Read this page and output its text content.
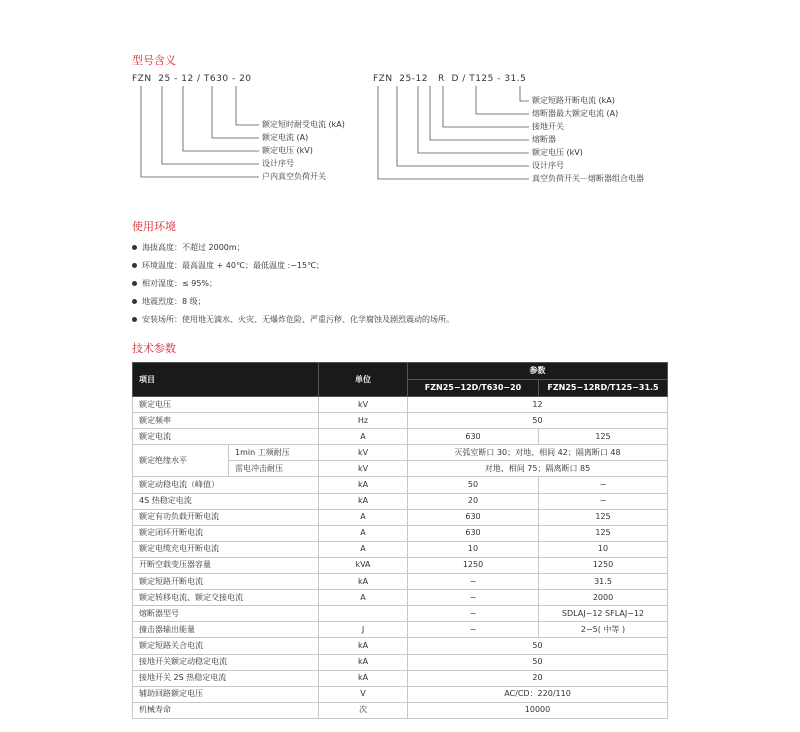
型号含义
FZN  25 - 12 / T630 - 20	FZN  25-12   R  D / T125 - 31.5
额定短时耐受电流 (kA)
额定电流 (A)
额定电压 (kV)
设计序号
户内真空负荷开关
额定短路开断电流 (kA)
熔断器最大额定电流 (A)
接地开关
熔断器
额定电压 (kV)
设计序号
真空负荷开关－熔断器组合电器
使用环境
海拔高度：不超过 2000m；
环境温度：最高温度 + 40℃；最低温度 :−15℃；
相对湿度：≤ 95%；
地震烈度：8 级；
安装场所：使用地无滴水、火灾、无爆炸危险、严重污秽、化学腐蚀及剧烈震动的场所。
技术参数
项目		单位	参数	
			FZN25−12D/T630−20	FZN25−12RD/T125−31.5
额定电压		kV	12	
额定频率		Hz	50	
额定电流		A	630	125
额定绝缘水平	1min 工频耐压	kV	灭弧室断口 30；对地、相间 42；隔离断口 48	
	雷电冲击耐压	kV	对地、相间 75；隔离断口 85	
额定动稳电流（峰值）		kA	50	−
4S 热稳定电流		kA	20	−
额定有功负载开断电流		A	630	125
额定闭环开断电流		A	630	125
额定电缆充电开断电流		A	10	10
开断空载变压器容量		kVA	1250	1250
额定短路开断电流		kA	−	31.5
额定转移电流、额定交接电流		A	−	2000
熔断器型号			−	SDLAJ−12 SFLAJ−12
撞击器输出能量		J	−	2−5( 中等 )
额定短路关合电流		kA	50	
接地开关额定动稳定电流		kA	50	
接地开关 2S 热稳定电流		kA	20	
辅助回路额定电压		V	AC/CD：220/110	
机械寿命		次	10000	
